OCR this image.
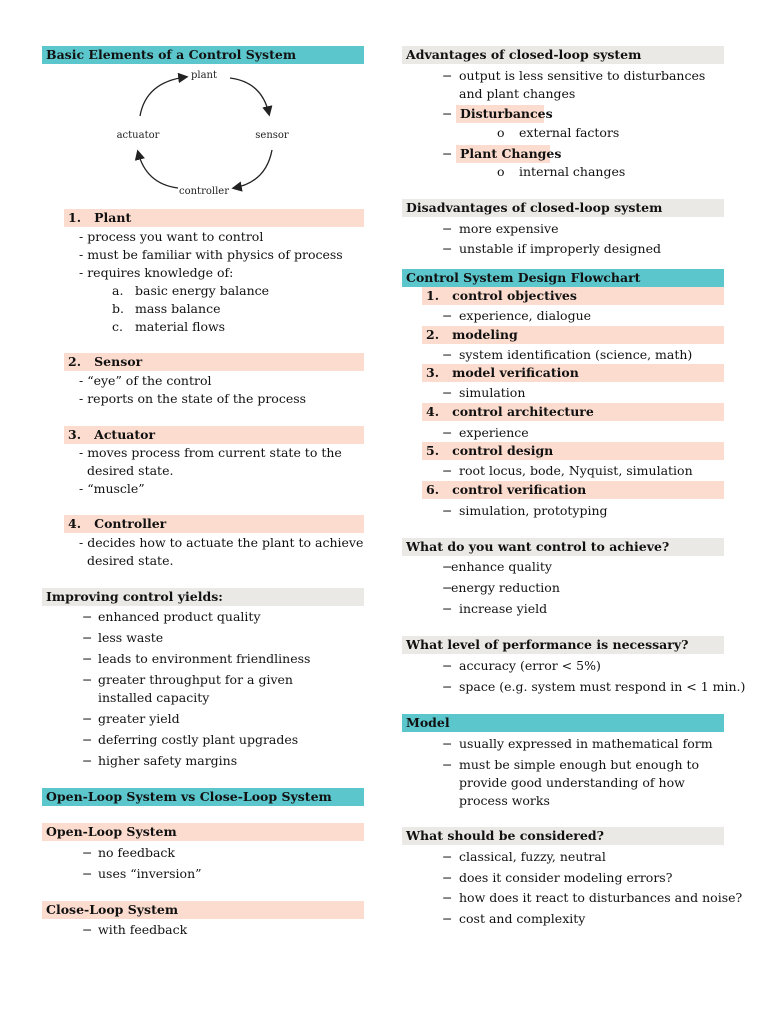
Basic Elements of a Control System
plant
sensor
controller
actuator
1. Plant
- process you want to control
- must be familiar with physics of process
- requires knowledge of:
a. basic energy balance
b. mass balance
c. material flows
2. Sensor
- “eye” of the control
- reports on the state of the process
3. Actuator
- moves process from current state to the
desired state.
- “muscle”
4. Controller
- decides how to actuate the plant to achieve
desired state.
Improving control yields:
− enhanced product quality
− less waste
− leads to environment friendliness
− greater throughput for a given installed capacity
− greater yield
− deferring costly plant upgrades
− higher safety margins
Open-Loop System vs Close-Loop System
Open-Loop System
− no feedback
− uses “inversion”
Close-Loop System
− with feedback
Advantages of closed-loop system
− output is less sensitive to disturbances and plant changes
− Disturbances
o external factors
− Plant Changes
o internal changes
Disadvantages of closed-loop system
− more expensive
− unstable if improperly designed
Control System Design Flowchart
1. control objectives
− experience, dialogue
2. modeling
− system identification (science, math)
3. model verification
− simulation
4. control architecture
− experience
5. control design
− root locus, bode, Nyquist, simulation
6. control verification
− simulation, prototyping
What do you want control to achieve?
−
enhance quality
−
energy reduction
− increase yield
What level of performance is necessary?
− accuracy (error < 5%)
− space (e.g. system must respond in < 1 min.)
Model
− usually expressed in mathematical form
− must be simple enough but enough to provide good understanding of how process works
What should be considered?
− classical, fuzzy, neutral
− does it consider modeling errors?
− how does it react to disturbances and noise?
− cost and complexity
